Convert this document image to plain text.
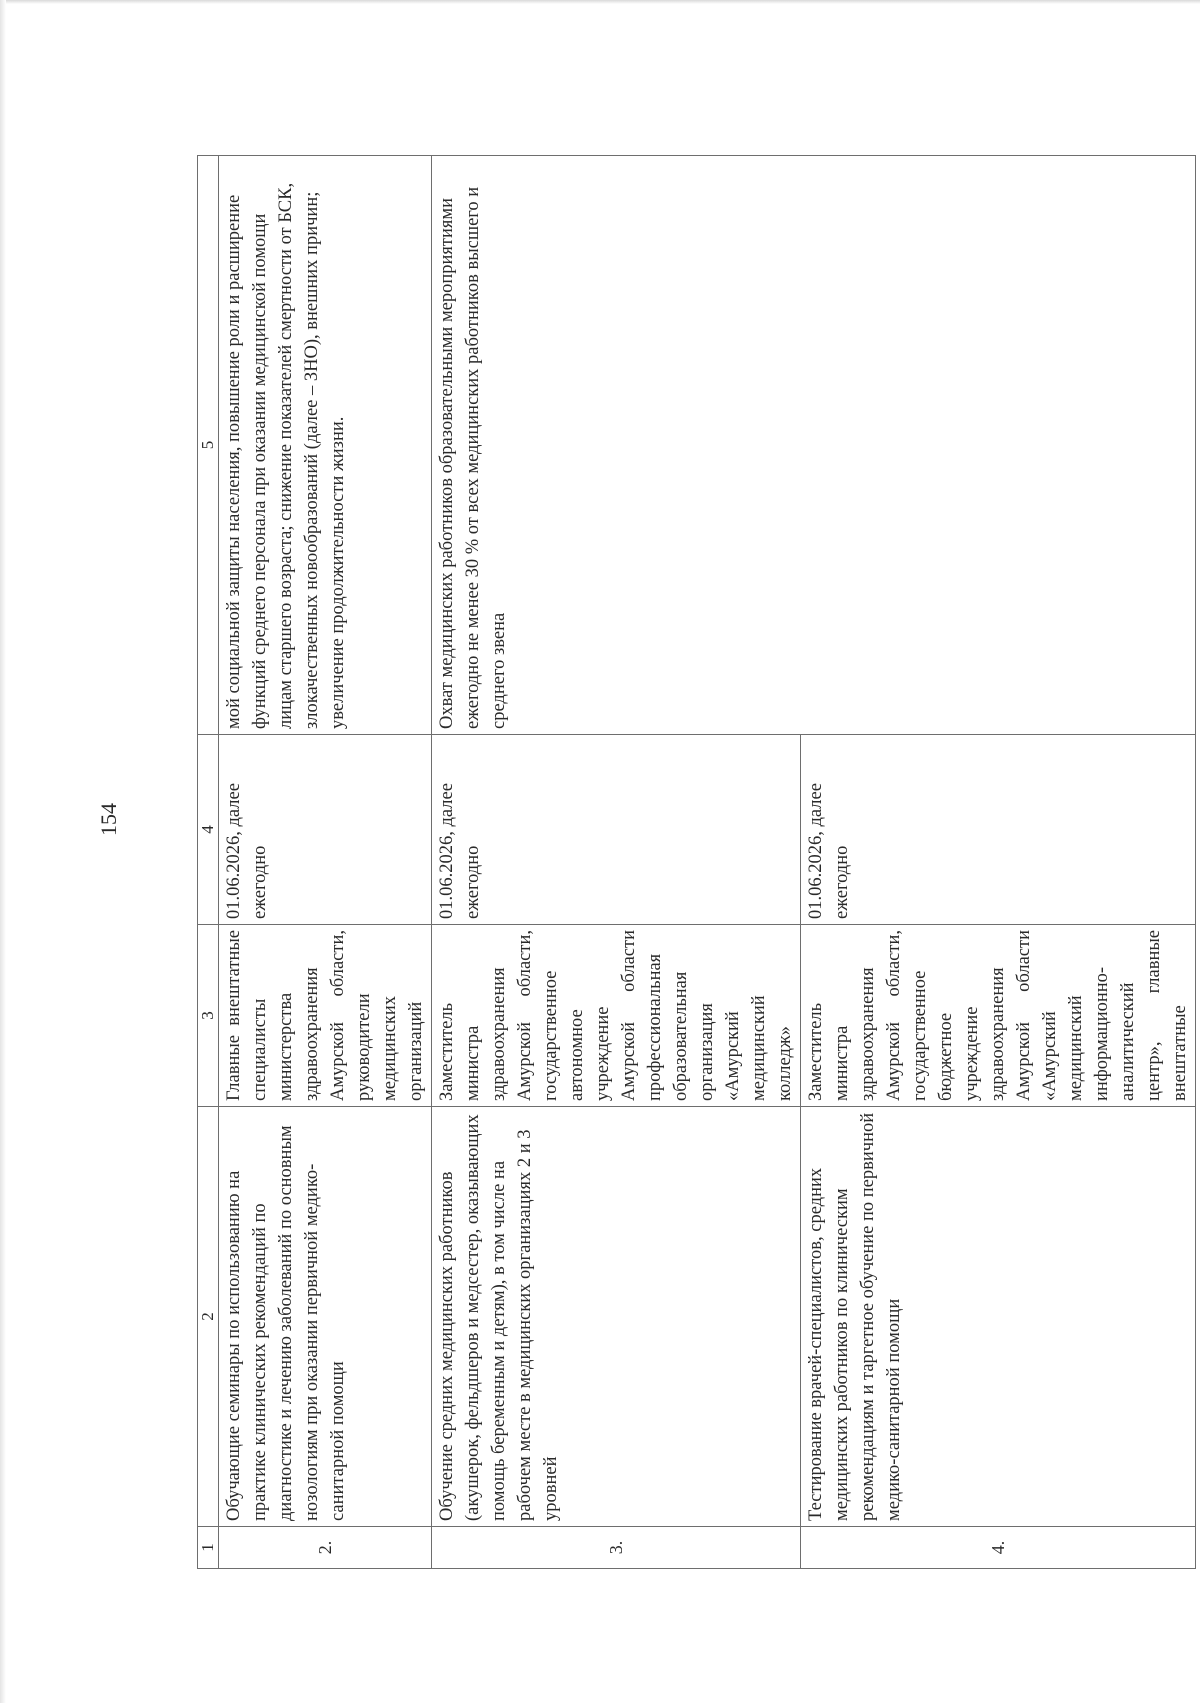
154
1	2	3	4	5
2.	Обучающие семинары по использованию на практике клинических рекомендаций по диагностике и лечению заболеваний по основным нозологиям при оказании первичной медико-санитарной помощи	Главные внештатные специалисты министерства здравоохранения Амурской области, руководители медицинских организаций	01.06.2026, далее ежегодно	мой социальной защиты населения, повышение роли и расширение функций среднего персонала при оказании медицинской помощи лицам старшего возраста; снижение показателей смертности от БСК, злокачественных новообразований (далее – ЗНО), внешних причин; увеличение продолжительности жизни.
3.	Обучение средних медицинских работников (акушерок, фельдшеров и медсестер, оказывающих помощь беременным и детям), в том числе на рабочем месте в медицинских организациях 2 и 3 уровней	Заместитель министра здравоохранения Амурской области, государственное автономное учреждение Амурской области профессиональная образовательная организация «Амурский медицинский колледж»	01.06.2026, далее ежегодно	Охват медицинских работников образовательными мероприятиями ежегодно не менее 30 % от всех медицинских работников высшего и среднего звена
4.	Тестирование врачей-специалистов, средних медицинских работников по клиническим рекомендациям и таргетное обучение по первичной медико-санитарной помощи	Заместитель министра здравоохранения Амурской области, государственное бюджетное учреждение здравоохранения Амурской области «Амурский медицинский информационно-аналитический центр», главные внештатные	01.06.2026, далее ежегодно	
